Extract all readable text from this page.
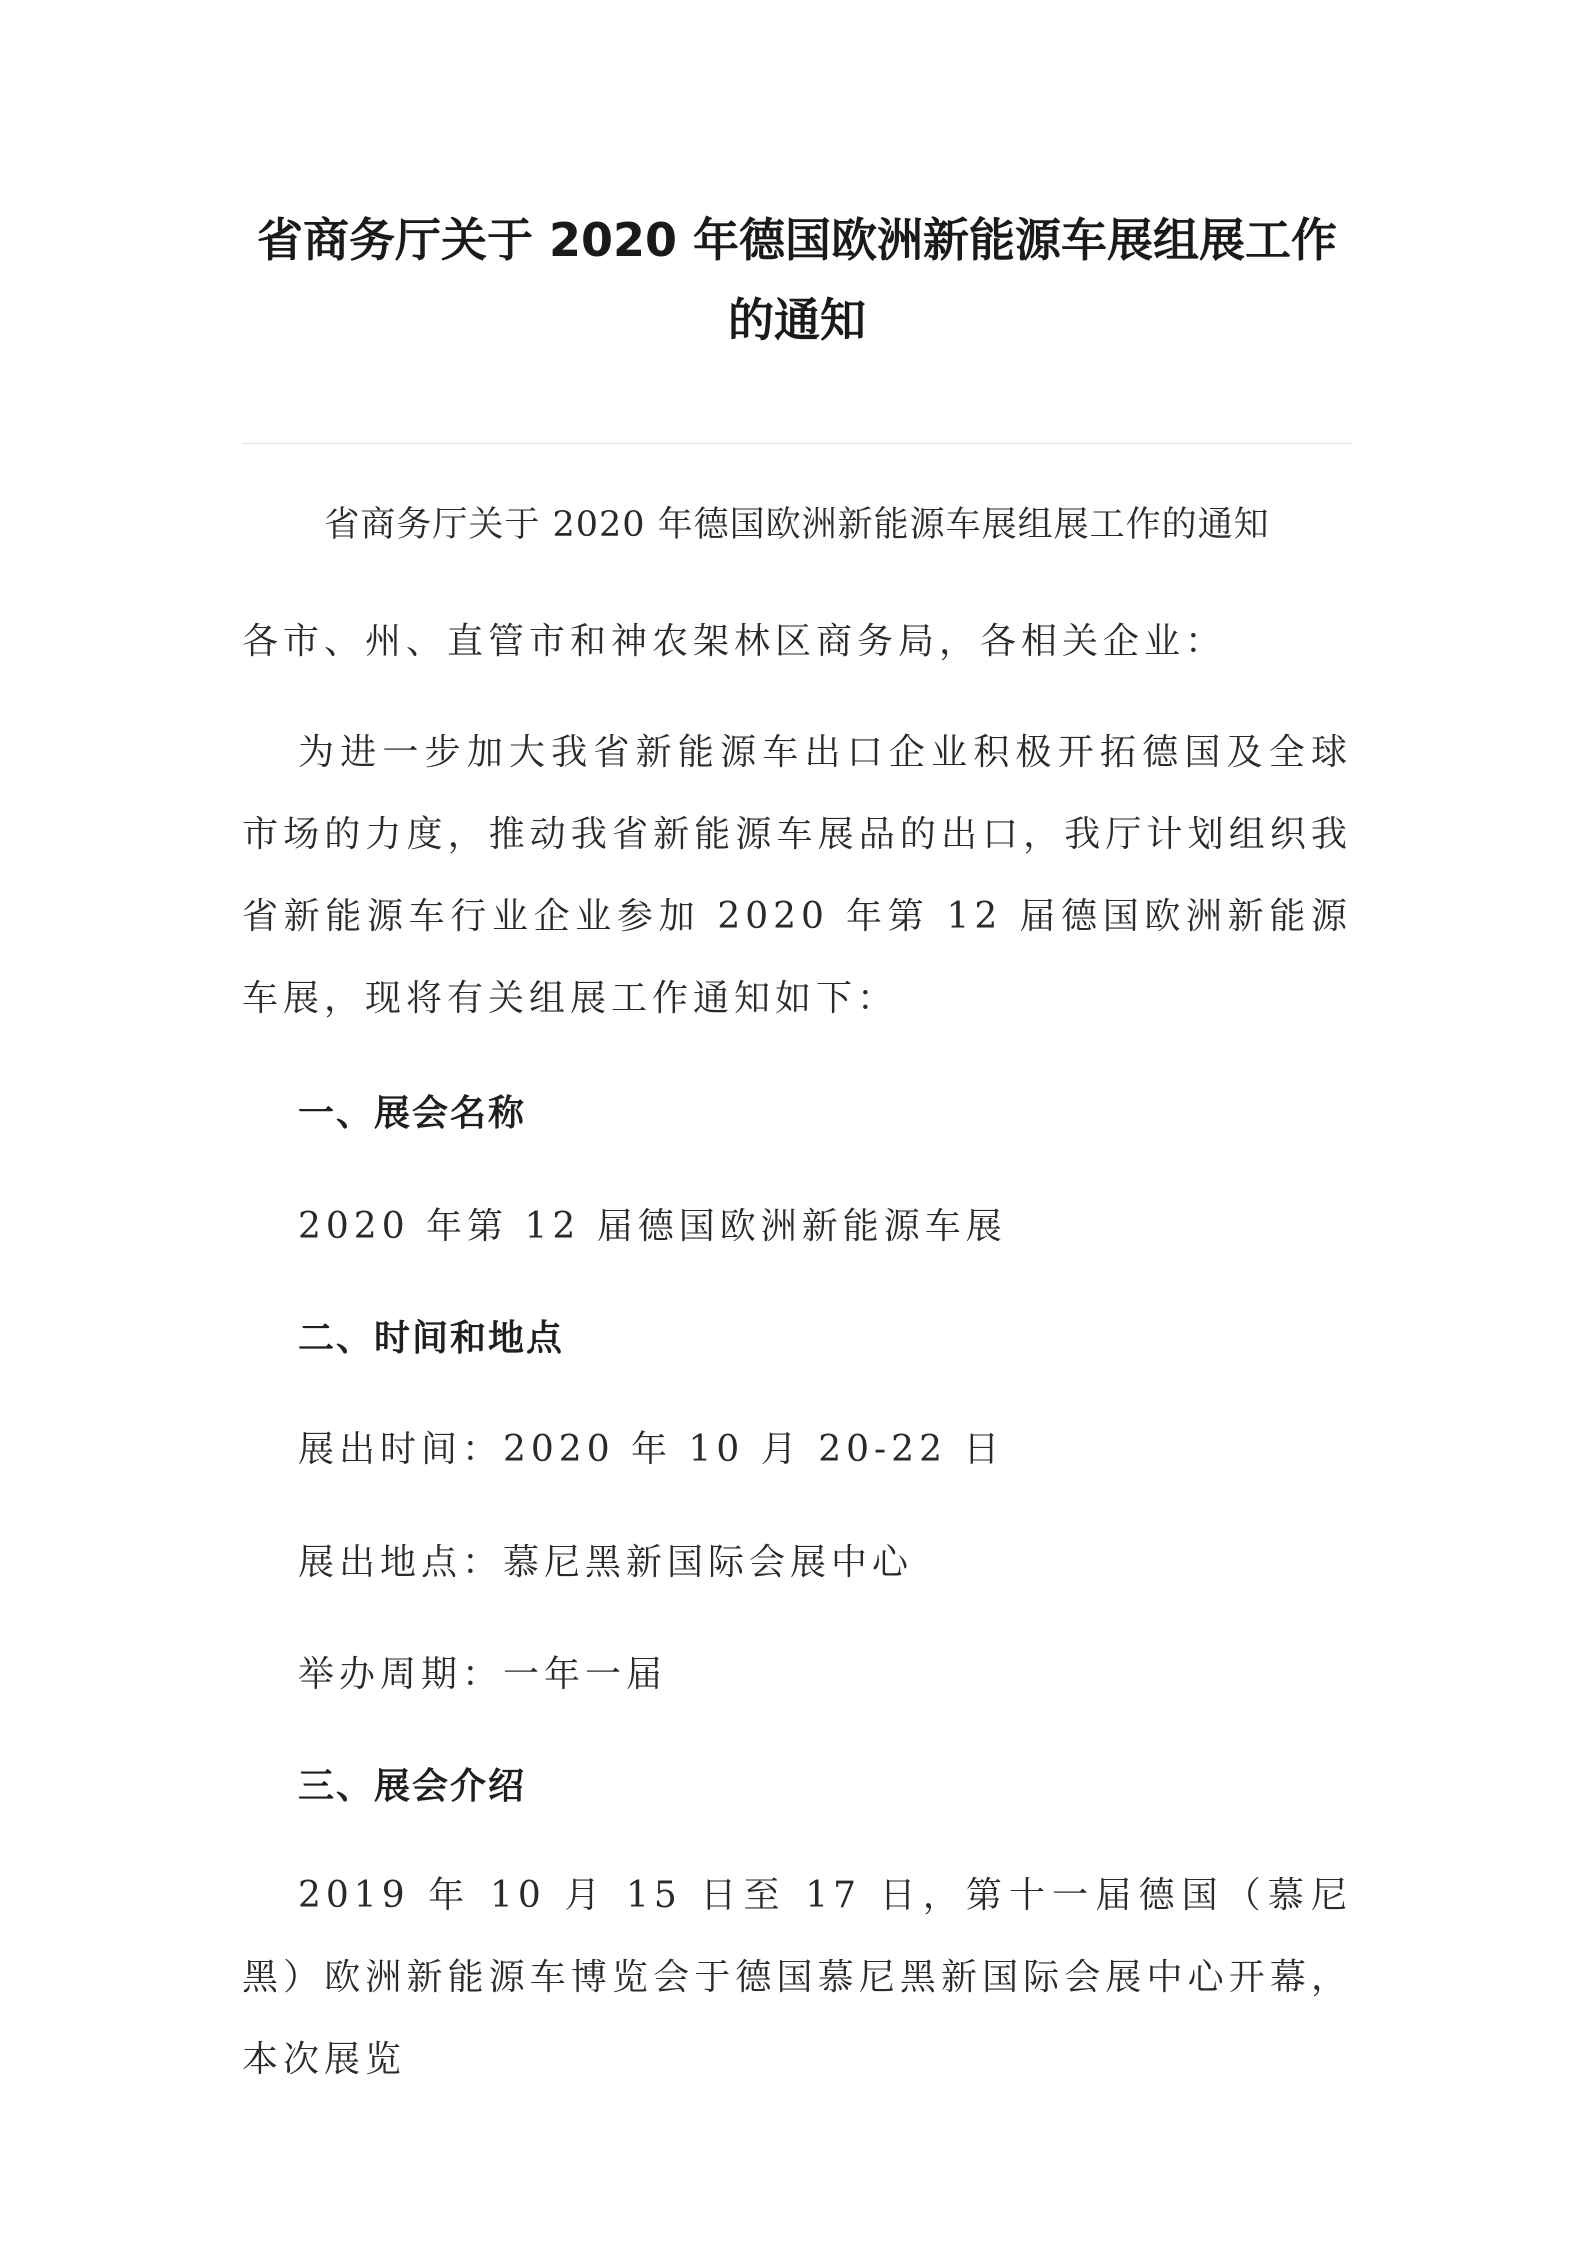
省商务厅关于 2020 年德国欧洲新能源车展组展工作
的通知

省商务厅关于 2020 年德国欧洲新能源车展组展工作的通知

各市、州、直管市和神农架林区商务局，各相关企业：

为进一步加大我省新能源车出口企业积极开拓德国及全球市场的力度，推动我省新能源车展品的出口，我厅计划组织我省新能源车行业企业参加 2020 年第 12 届德国欧洲新能源车展，现将有关组展工作通知如下：

一、展会名称

2020 年第 12 届德国欧洲新能源车展

二、时间和地点

展出时间：2020 年 10 月 20-22 日

展出地点：慕尼黑新国际会展中心

举办周期：一年一届

三、展会介绍

2019 年 10 月 15 日至 17 日，第十一届德国（慕尼黑）欧洲新能源车博览会于德国慕尼黑新国际会展中心开幕，本次展览
